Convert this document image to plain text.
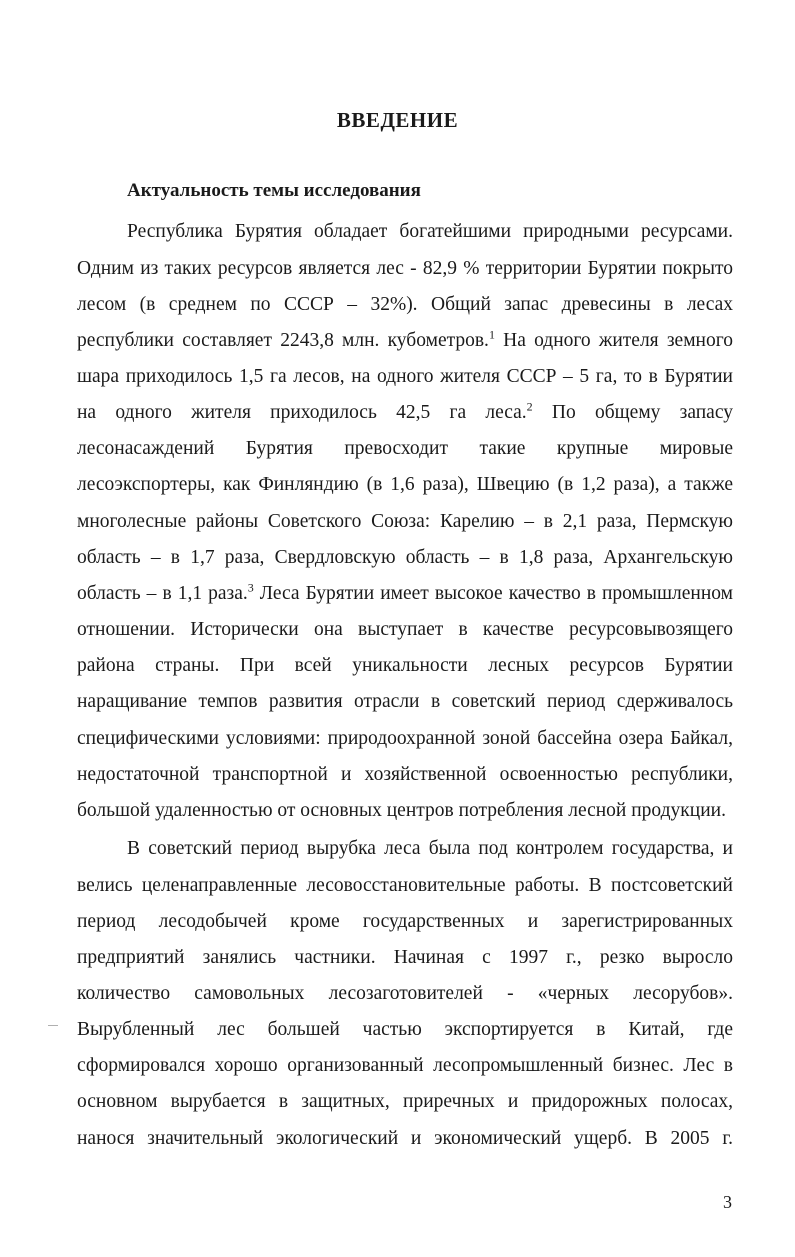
ВВЕДЕНИЕ
Актуальность темы исследования
Республика Бурятия обладает богатейшими природными ресурсами.
Одним из таких ресурсов является лес - 82,9 % территории Бурятии покрыто
лесом (в среднем по СССР – 32%). Общий запас древесины в лесах
республики составляет 2243,8 млн. кубометров.$^1$ На одного жителя земного
шара приходилось 1,5 га лесов, на одного жителя СССР – 5 га, то в Бурятии
на одного жителя приходилось 42,5 га леса.$^2$ По общему запасу
лесонасаждений Бурятия превосходит такие крупные мировые
лесоэкспортеры, как Финляндию (в 1,6 раза), Швецию (в 1,2 раза), а также
многолесные районы Советского Союза: Карелию – в 2,1 раза, Пермскую
область – в 1,7 раза, Свердловскую область – в 1,8 раза, Архангельскую
область – в 1,1 раза.$^3$ Леса Бурятии имеет высокое качество в промышленном
отношении. Исторически она выступает в качестве ресурсовывозящего
района страны. При всей уникальности лесных ресурсов Бурятии
наращивание темпов развития отрасли в советский период сдерживалось
специфическими условиями: природоохранной зоной бассейна озера Байкал,
недостаточной транспортной и хозяйственной освоенностью республики,
большой удаленностью от основных центров потребления лесной продукции.
В советский период вырубка леса была под контролем государства, и
велись целенаправленные лесовосстановительные работы. В постсоветский
период лесодобычей кроме государственных и зарегистрированных
предприятий занялись частники. Начиная с 1997 г., резко выросло
количество самовольных лесозаготовителей - «черных лесорубов».
Вырубленный лес большей частью экспортируется в Китай, где
сформировался хорошо организованный лесопромышленный бизнес. Лес в
основном вырубается в защитных, приречных и придорожных полосах,
нанося значительный экологический и экономический ущерб. В 2005 г.
3
